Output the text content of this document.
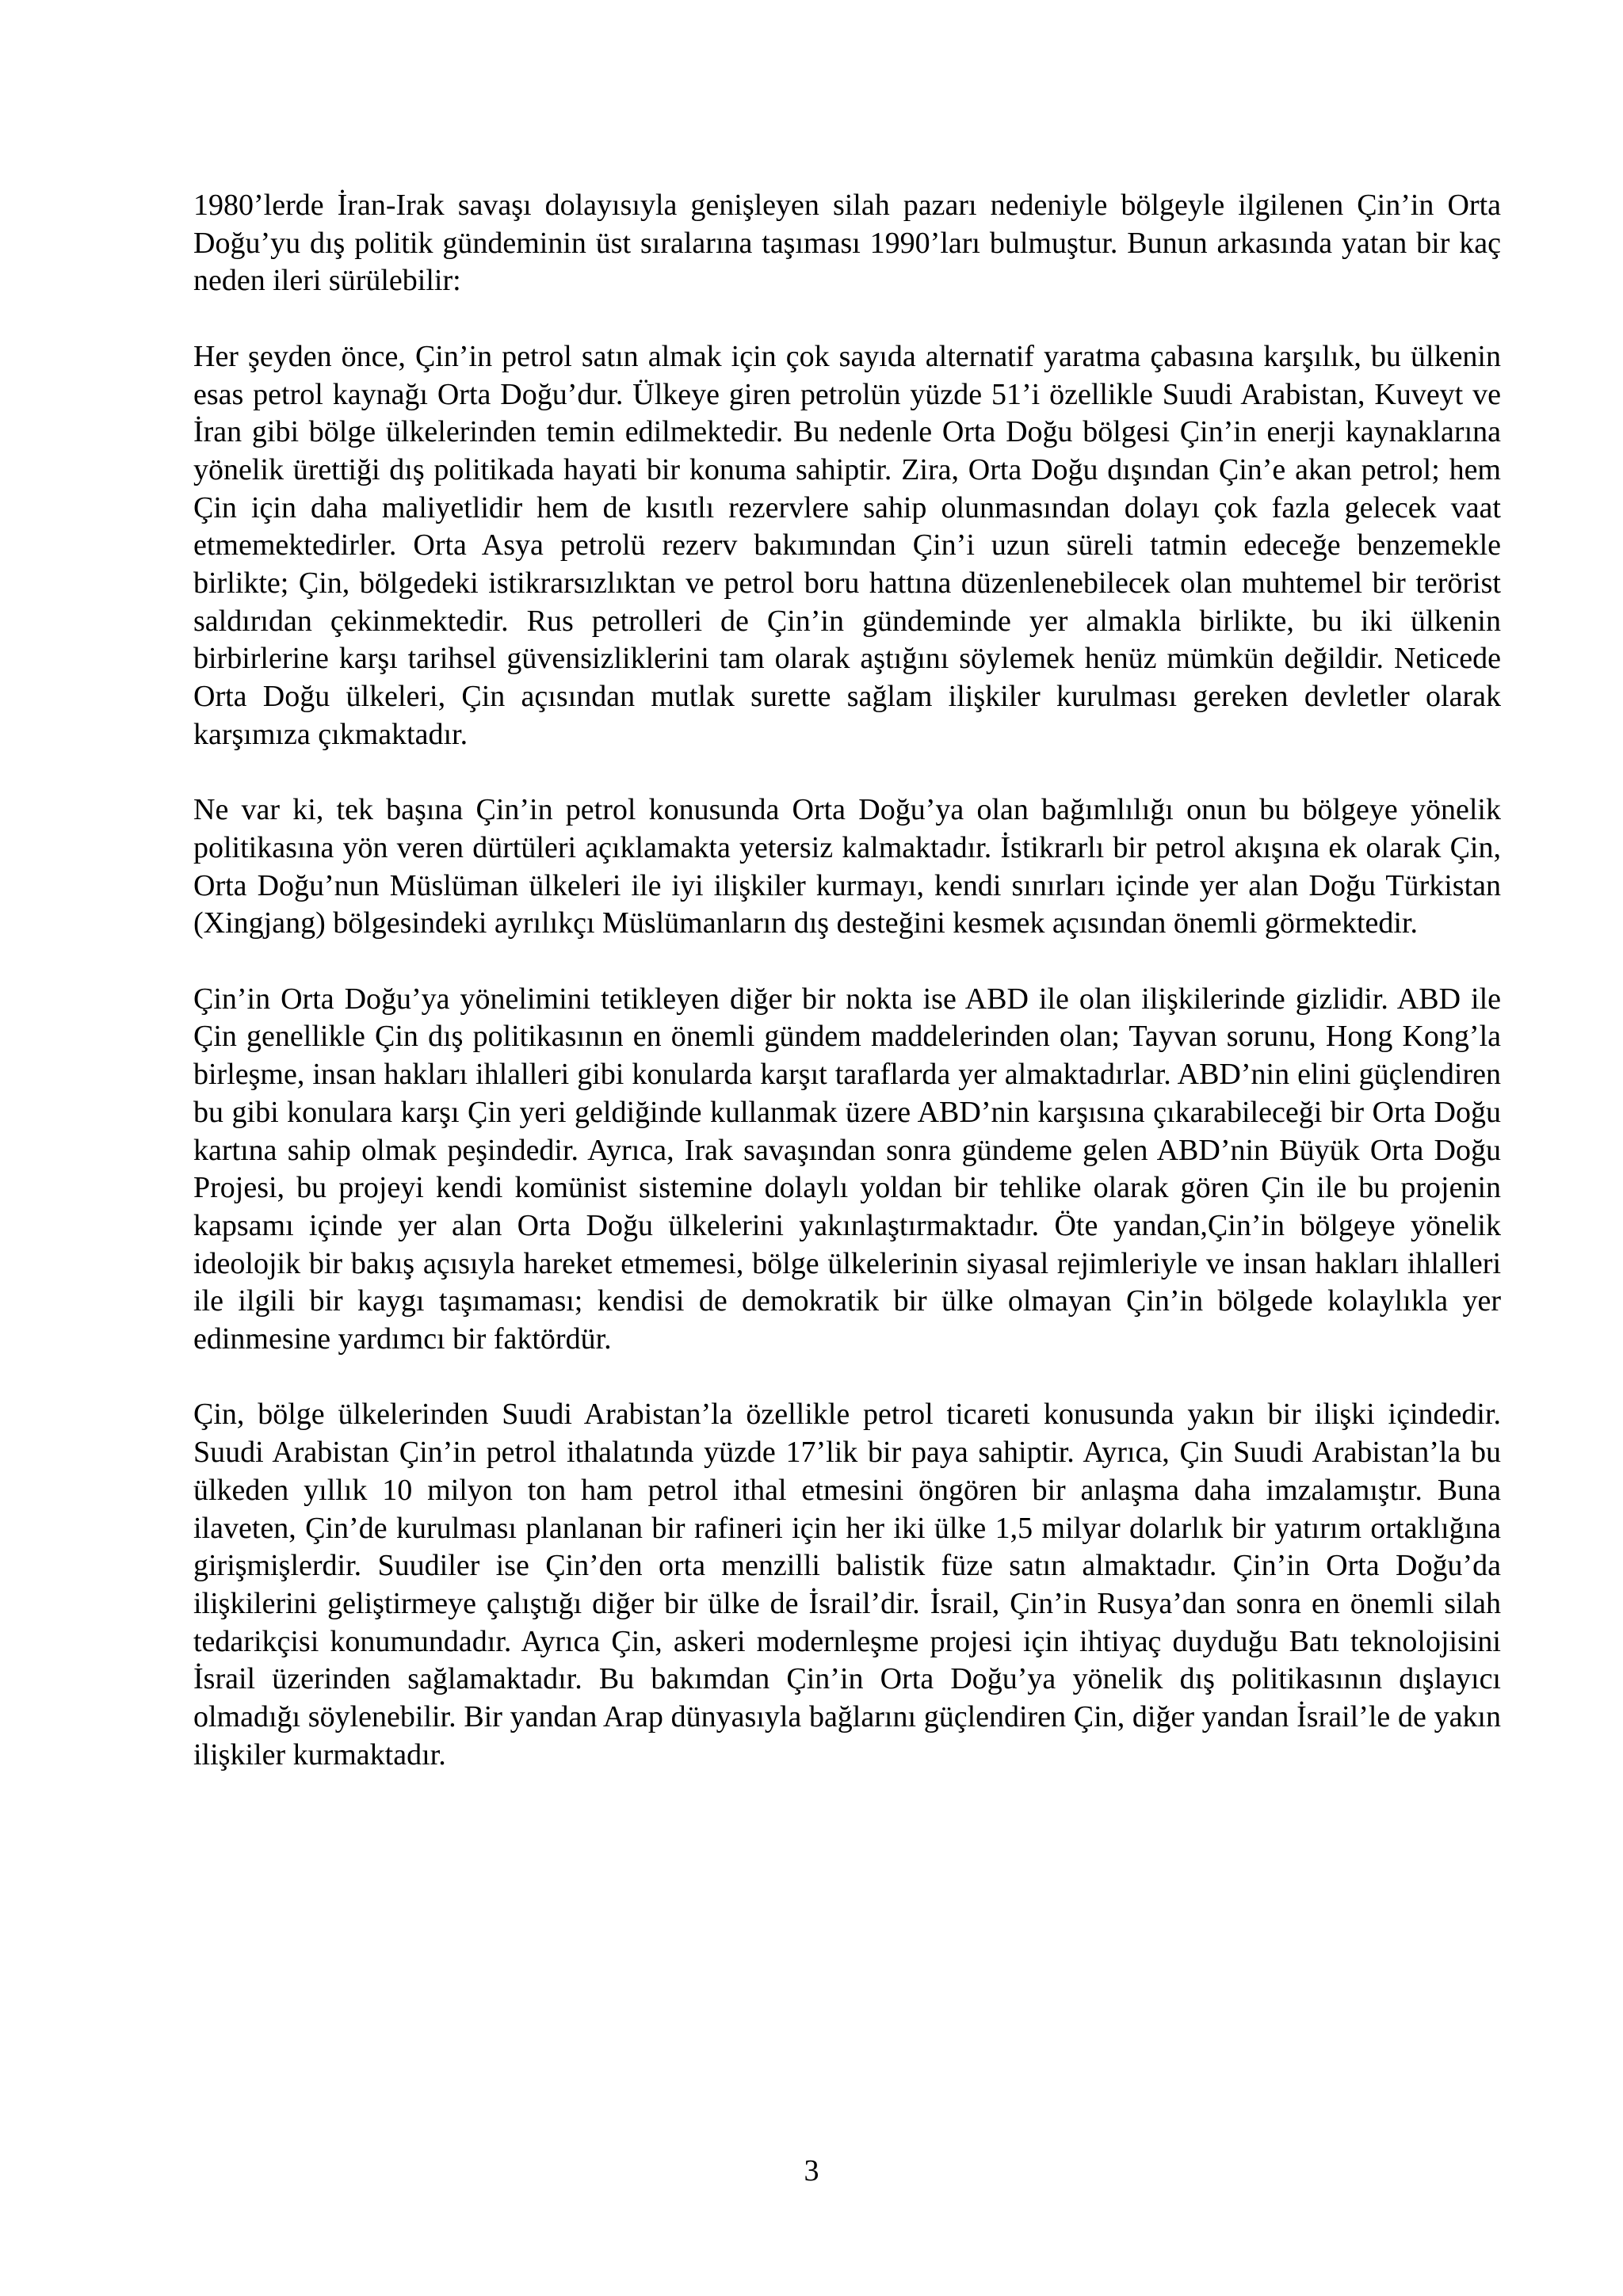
1980’lerde İran-Irak savaşı dolayısıyla genişleyen silah pazarı nedeniyle bölgeyle ilgilenen Çin’in Orta Doğu’yu dış politik gündeminin üst sıralarına taşıması 1990’ları bulmuştur. Bunun arkasında yatan bir kaç neden ileri sürülebilir:

Her şeyden önce, Çin’in petrol satın almak için çok sayıda alternatif yaratma çabasına karşılık, bu ülkenin esas petrol kaynağı Orta Doğu’dur. Ülkeye giren petrolün yüzde 51’i özellikle Suudi Arabistan, Kuveyt ve İran gibi bölge ülkelerinden temin edilmektedir. Bu nedenle Orta Doğu bölgesi Çin’in enerji kaynaklarına yönelik ürettiği dış politikada hayati bir konuma sahiptir. Zira, Orta Doğu dışından Çin’e akan petrol; hem Çin için daha maliyetlidir hem de kısıtlı rezervlere sahip olunmasından dolayı çok fazla gelecek vaat etmemektedirler. Orta Asya petrolü rezerv bakımından Çin’i uzun süreli tatmin edeceğe benzemekle birlikte; Çin, bölgedeki istikrarsızlıktan ve petrol boru hattına düzenlenebilecek olan muhtemel bir terörist saldırıdan çekinmektedir. Rus petrolleri de Çin’in gündeminde yer almakla birlikte, bu iki ülkenin birbirlerine karşı tarihsel güvensizliklerini tam olarak aştığını söylemek henüz mümkün değildir. Neticede Orta Doğu ülkeleri, Çin açısından mutlak surette sağlam ilişkiler kurulması gereken devletler olarak karşımıza çıkmaktadır.

Ne var ki, tek başına Çin’in petrol konusunda Orta Doğu’ya olan bağımlılığı onun bu bölgeye yönelik politikasına yön veren dürtüleri açıklamakta yetersiz kalmaktadır. İstikrarlı bir petrol akışına ek olarak Çin, Orta Doğu’nun Müslüman ülkeleri ile iyi ilişkiler kurmayı, kendi sınırları içinde yer alan Doğu Türkistan (Xingjang) bölgesindeki ayrılıkçı Müslümanların dış desteğini kesmek açısından önemli görmektedir.

Çin’in Orta Doğu’ya yönelimini tetikleyen diğer bir nokta ise ABD ile olan ilişkilerinde gizlidir. ABD ile Çin genellikle Çin dış politikasının en önemli gündem maddelerinden olan; Tayvan sorunu, Hong Kong’la birleşme, insan hakları ihlalleri gibi konularda karşıt taraflarda yer almaktadırlar. ABD’nin elini güçlendiren bu gibi konulara karşı Çin yeri geldiğinde kullanmak üzere ABD’nin karşısına çıkarabileceği bir Orta Doğu kartına sahip olmak peşindedir. Ayrıca, Irak savaşından sonra gündeme gelen ABD’nin Büyük Orta Doğu Projesi, bu projeyi kendi komünist sistemine dolaylı yoldan bir tehlike olarak gören Çin ile bu projenin kapsamı içinde yer alan Orta Doğu ülkelerini yakınlaştırmaktadır. Öte yandan,Çin’in bölgeye yönelik ideolojik bir bakış açısıyla hareket etmemesi, bölge ülkelerinin siyasal rejimleriyle ve insan hakları ihlalleri ile ilgili bir kaygı taşımaması; kendisi de demokratik bir ülke olmayan Çin’in bölgede kolaylıkla yer edinmesine yardımcı bir faktördür.

Çin, bölge ülkelerinden Suudi Arabistan’la özellikle petrol ticareti konusunda yakın bir ilişki içindedir. Suudi Arabistan Çin’in petrol ithalatında yüzde 17’lik bir paya sahiptir. Ayrıca, Çin Suudi Arabistan’la bu ülkeden yıllık 10 milyon ton ham petrol ithal etmesini öngören bir anlaşma daha imzalamıştır. Buna ilaveten, Çin’de kurulması planlanan bir rafineri için her iki ülke 1,5 milyar dolarlık bir yatırım ortaklığına girişmişlerdir. Suudiler ise Çin’den orta menzilli balistik füze satın almaktadır. Çin’in Orta Doğu’da ilişkilerini geliştirmeye çalıştığı diğer bir ülke de İsrail’dir. İsrail, Çin’in Rusya’dan sonra en önemli silah tedarikçisi konumundadır. Ayrıca Çin, askeri modernleşme projesi için ihtiyaç duyduğu Batı teknolojisini İsrail üzerinden sağlamaktadır. Bu bakımdan Çin’in Orta Doğu’ya yönelik dış politikasının dışlayıcı olmadığı söylenebilir. Bir yandan Arap dünyasıyla bağlarını güçlendiren Çin, diğer yandan İsrail’le de yakın ilişkiler kurmaktadır.

3
